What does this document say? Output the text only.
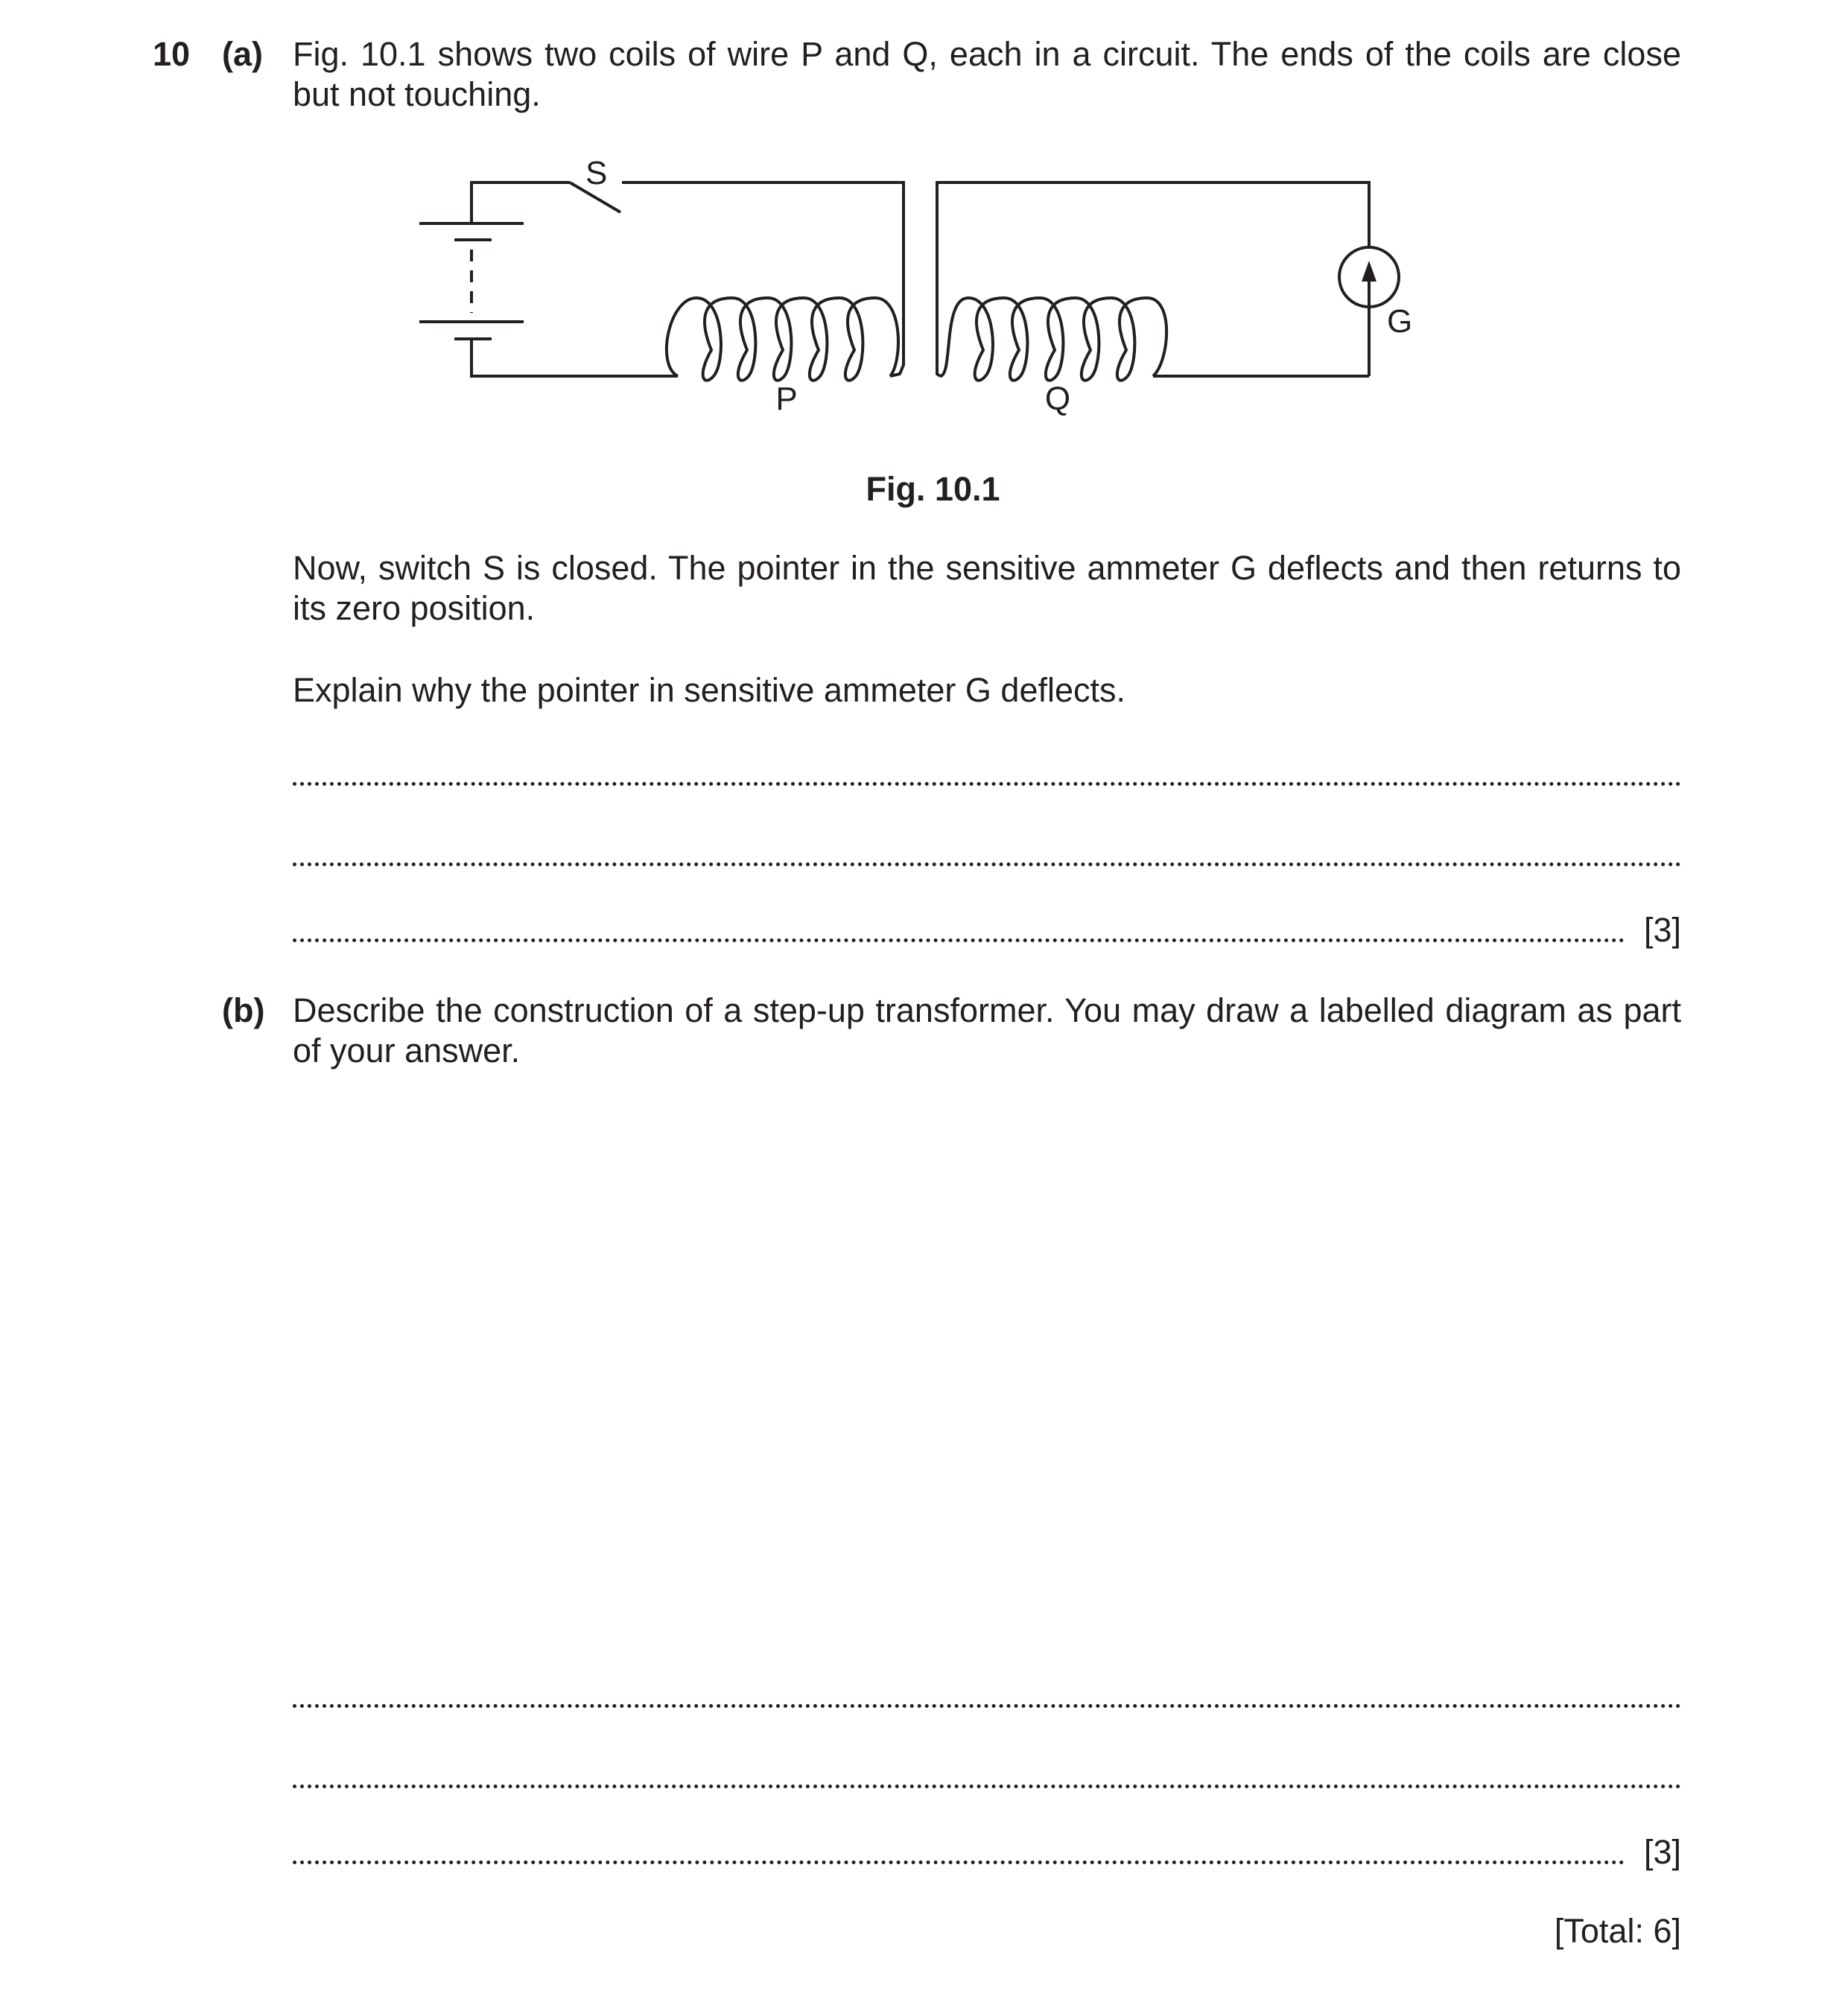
10 (a) Fig. 10.1 shows two coils of wire P and Q, each in a circuit. The ends of the coils are close but not touching.
S
P	Q
G
Fig. 10.1
Now, switch S is closed. The pointer in the sensitive ammeter G deflects and then returns to its zero position.
Explain why the pointer in sensitive ammeter G deflects.
[3]
(b) Describe the construction of a step-up transformer. You may draw a labelled diagram as part of your answer.
[3]
[Total: 6]
